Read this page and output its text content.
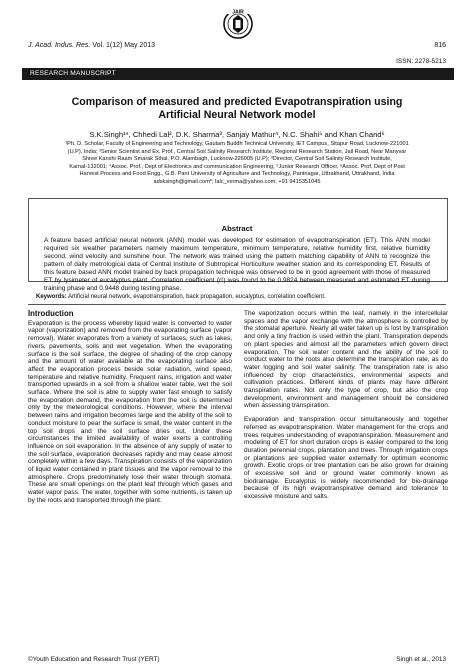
JAIR
J. Acad. Indus. Res. Vol. 1(12) May 2013	816
ISSN: 2278-5213
RESEARCH MANUSCRIPT
Comparison of measured and predicted Evapotranspiration using
Artificial Neural Network model
S.K.Singh¹*, Chhedi Lal², D.K. Sharma³, Sanjay Mathur⁴, N.C. Shahi⁵ and Khan Chand⁶
¹Ph. D. Scholar, Faculty of Engineering and Technology, Gautam Buddh Technical University, IET Campus, Sitapur Road, Lucknow-221001
(U.P), India; ²Senior Scientist and Ex. Prof., Central Soil Salinity Research Institute, Regional Research Station, Jail Road, Near Manyvar
Shree Kanshi Raam Smarak Sthal, P.O. Alambagh, Lucknow-226005 (U.P); ³Director, Central Soil Salinity Research Institute,
Karnal-132001; ⁴Assoc. Prof., Dept of Electronics and communication Engineering, ⁵Junior Research Officer, ⁶Assoc. Prof. Dept of Post
Harvest Process and Food Engg., G.B. Pant University of Agriculture and Technology, Pantnagar, Uttrakhand, Uttrakhand, India
adsksingh@gmail.com*; lalc_verma@yahoo.com; +91 9415351045
Abstract
A feature based artificial neural network (ANN) model was developed for estimation of evapotranspiration (ET). This ANN model required six weather parameters namely maximum temperature, minimum temperature, relative humidity first, relative humidity second, wind velocity and sunshine hour. The network was trained using the pattern matching capability of ANN to recognize the pattern of daily metrological data of Central Institute of Subtropical Horticulture weather station and its corresponding ET. Results of this feature based ANN model trained by back propagation technique was observed to be in good agreement with those of measured ET by lysimeter of eucalyptus plant. Correlation coefficient (r²) was found to be 0.9824 between measured and estimated ET during training phase and 0.9448 during testing phase.
Keywords: Artificial neural network, evapotranspiration, back propagation, eucalyptus, correlation coefficient.
Introduction

Evaporation is the process whereby liquid water is converted to water vapor (vaporization) and removed from the evaporating surface (vapor removal). Water evaporates from a variety of surfaces, such as lakes, rivers, pavements, soils and wet vegetation. When the evaporating surface is the soil surface, the degree of shading of the crop canopy and the amount of water available at the evaporating surface also affect the evaporation process beside solar radiation, wind speed, temperature and relative humidity. Frequent rains, irrigation and water transported upwards in a soil from a shallow water table, wet the soil surface. Where the soil is able to supply water fast enough to satisfy the evaporation demand, the evaporation from the soil is determined only by the meteorological conditions. However, where the interval between rains and irrigation becomes large and the ability of the soil to conduct moisture to pear the surface is small, the water content in the top soil drops and the soil surface dries out. Under these circumstances the limited availability of water exerts a controlling influence on soil evaporation. In the absence of any supply of water to the soil surface, evaporation decreases rapidly and may cease almost completely within a few days. Transpiration consists of the vaporization of liquid water contained in plant tissues and the vapor removal to the atmosphere. Crops predominately lose their water through stomata. These are small openings on the plant leaf through which gases and water vapor pass. The water, together with some nutrients, is taken up by the roots and transported through the plant.

The vaporization occurs within the leaf, namely in the intercellular spaces and the vapor exchange with the atmosphere is controlled by the stomatal aperture. Nearly all water taken up is lost by transpiration and only a tiny fraction is used within the plant. Transpiration depends on plant species and almost all the parameters which govern direct evaporation. The soil water content and the ability of the soil to conduct water to the roots also determine the transpiration rate, as do water logging and soil water salinity. The transpiration rate is also influenced by crop characteristics, environmental aspects and cultivation practices. Different kinds of plants may have different transpiration rates. Not only the type of crop, but also the crop development, environment and management should be considered when assessing transpiration.

Evaporation and transpiration occur simultaneously and together referred as evapotranspiration. Water management for the crops and trees requires understanding of evapotranspiration. Measurement and modeling of ET for short duration crops is easier compared to the long duration perennial crops, plantation and trees. Through irrigation crops or plantations are supplied water externally for optimum economic growth. Exotic crops or tree plantation can be also grown for draining of excessive soil and or ground water commonly known as biodrainage. Eucalyptus is widely recommended for bio-drainage because of its high evapotranspirative demand and tolerance to excessive moisture and salts.

©Youth Education and Research Trust (YERT)	Singh et al., 2013
